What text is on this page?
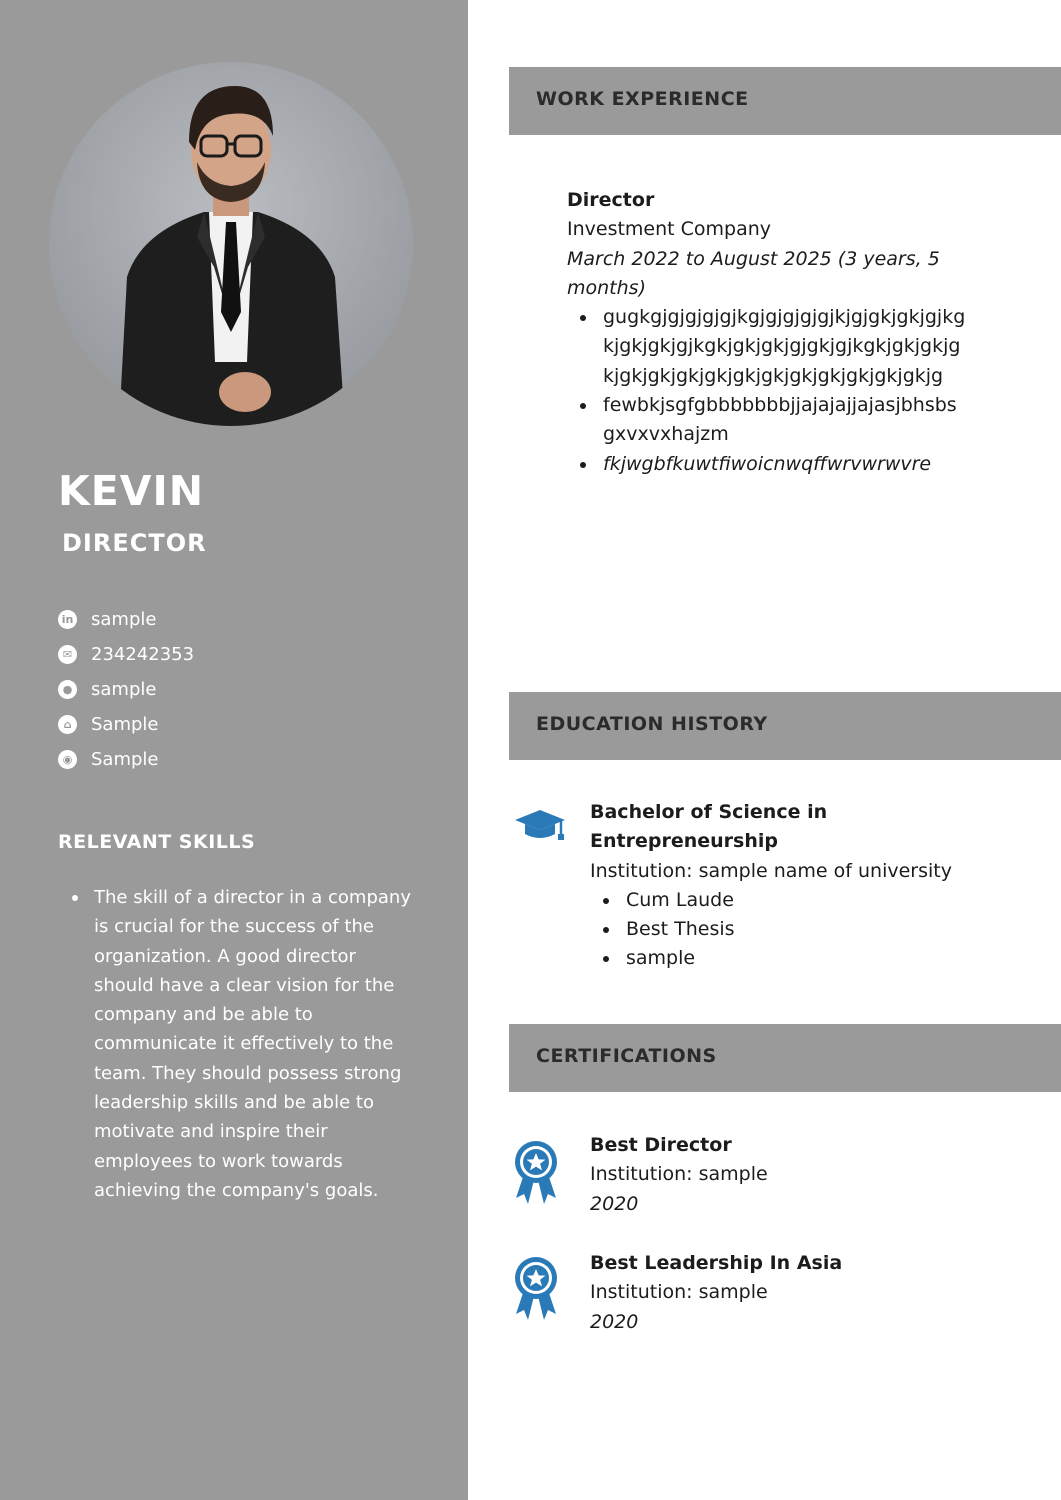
KEVIN
DIRECTOR
in sample
✉ 234242353
● sample
⌂	Sample
◉ Sample
RELEVANT SKILLS
The skill of a director in a company is crucial for the success of the organization. A good director should have a clear vision for the company and be able to communicate it effectively to the team. They should possess strong leadership skills and be able to motivate and inspire their employees to work towards achieving the company's goals.
WORK EXPERIENCE
Director
Investment Company
March 2022 to August 2025 (3 years, 5 months)
gugkgjgjgjgjgjkgjgjgjgjgjkjgjgkjgkjgjkgkjgkjgkjgjkgkjgkjgkjgjgkjgjkgkjgkjgkjgkjgkjgkjgkjgkjgkjgkjgkjgkjgkjgkjgkjg
fewbkjsgfgbbbbbbbjjajajajjajasjbhsbs gxvxvxhajzm
fkjwgbfkuwtfiwoicnwqffwrvwrwvre
EDUCATION HISTORY
Bachelor of Science in Entrepreneurship
Institution: sample name of university
Cum Laude
Best Thesis
sample
CERTIFICATIONS
Best Director
Institution: sample
2020
Best Leadership In Asia
Institution: sample
2020
